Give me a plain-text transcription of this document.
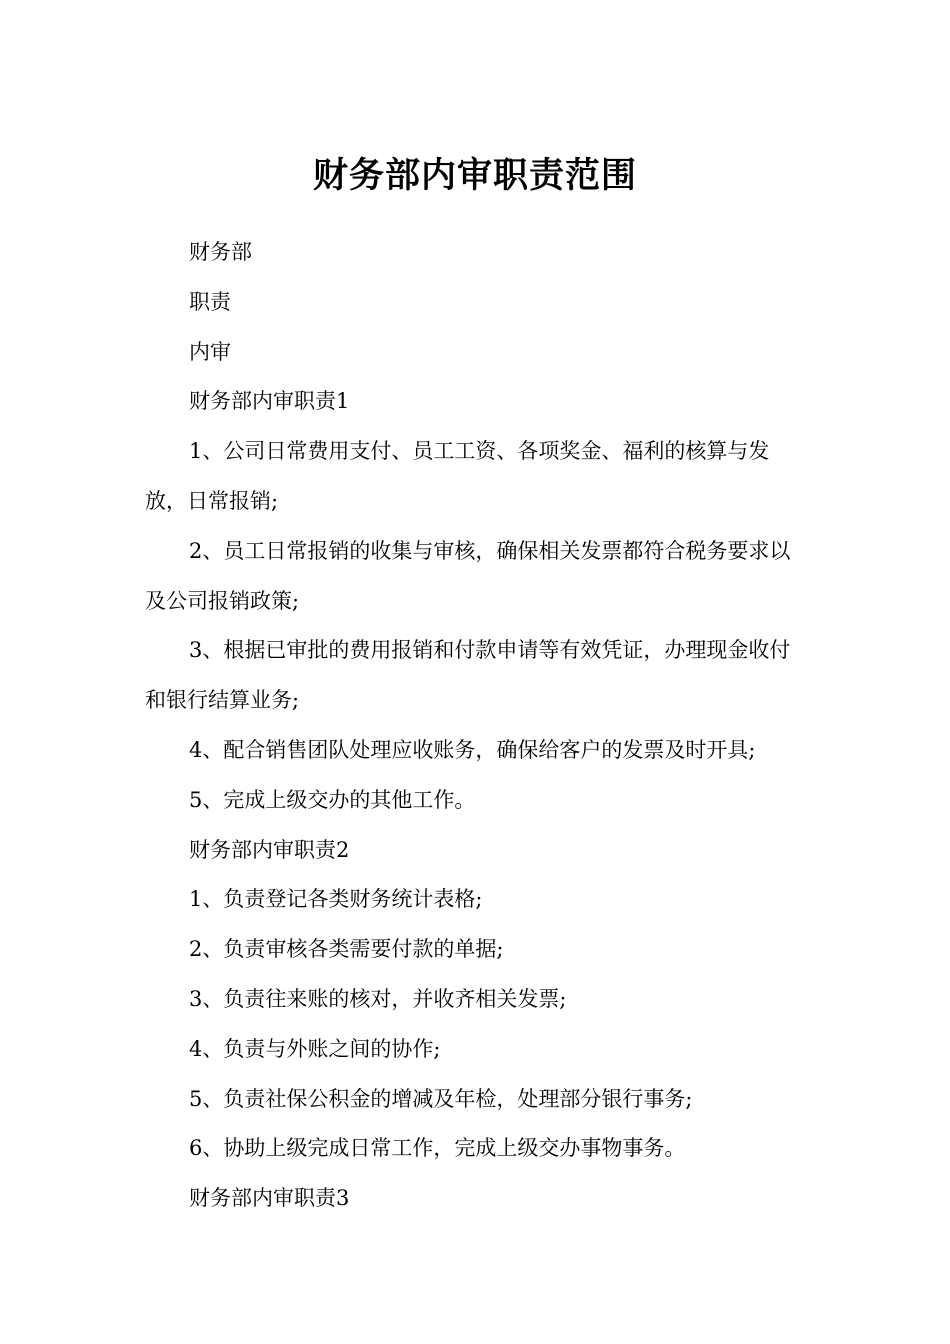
财务部内审职责范围

财务部

职责

内审

财务部内审职责1

1、公司日常费用支付、员工工资、各项奖金、福利的核算与发放，日常报销;

2、员工日常报销的收集与审核，确保相关发票都符合税务要求以及公司报销政策;

3、根据已审批的费用报销和付款申请等有效凭证，办理现金收付和银行结算业务;

4、配合销售团队处理应收账务，确保给客户的发票及时开具;

5、完成上级交办的其他工作。

财务部内审职责2

1、负责登记各类财务统计表格;

2、负责审核各类需要付款的单据;

3、负责往来账的核对，并收齐相关发票;

4、负责与外账之间的协作;

5、负责社保公积金的增减及年检，处理部分银行事务;

6、协助上级完成日常工作，完成上级交办事物事务。

财务部内审职责3
